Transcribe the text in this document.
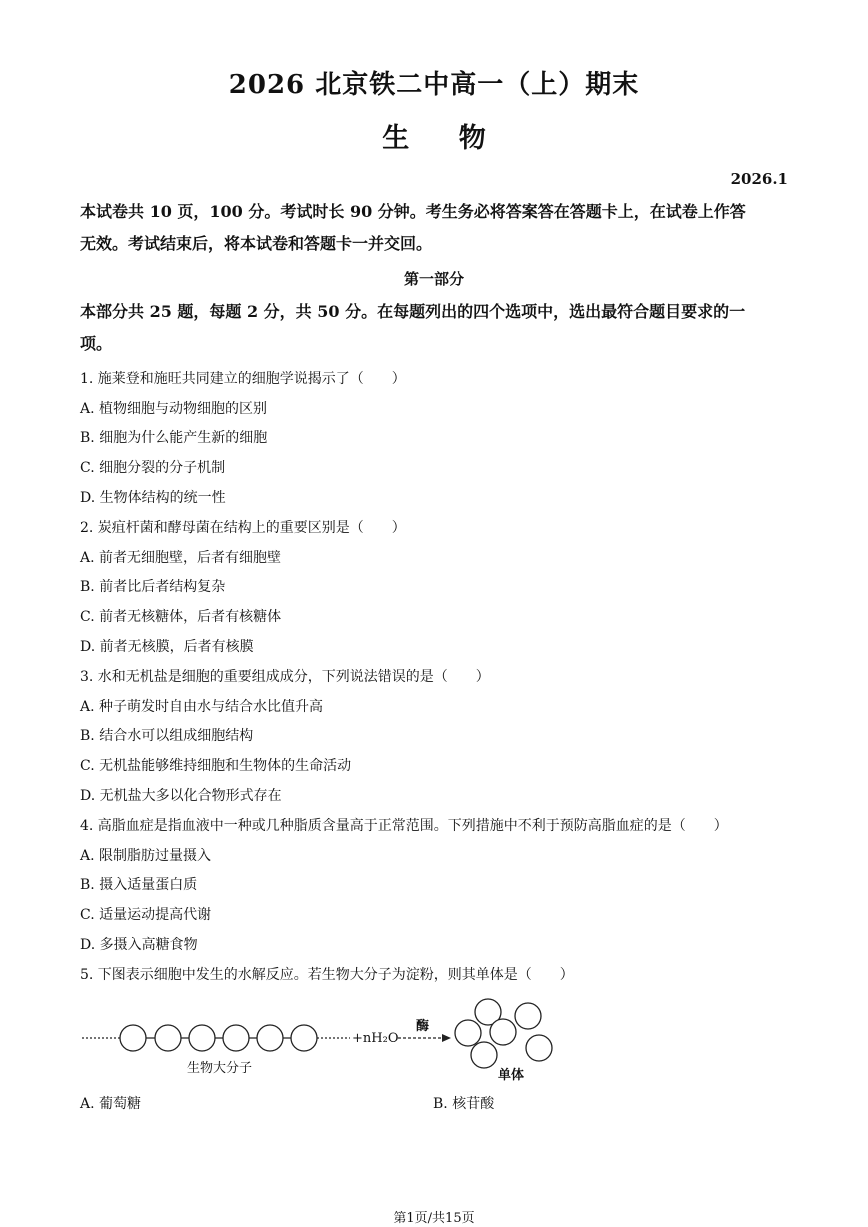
2026 北京铁二中高一（上）期末
生 物
2026.1
本试卷共 10 页，100 分。考试时长 90 分钟。考生务必将答案答在答题卡上，在试卷上作答
无效。考试结束后，将本试卷和答题卡一并交回。
第一部分
本部分共 25 题，每题 2 分，共 50 分。在每题列出的四个选项中，选出最符合题目要求的一
项。
1. 施莱登和施旺共同建立的细胞学说揭示了（　　）
A. 植物细胞与动物细胞的区别
B. 细胞为什么能产生新的细胞
C. 细胞分裂的分子机制
D. 生物体结构的统一性
2. 炭疽杆菌和酵母菌在结构上的重要区别是（　　）
A. 前者无细胞壁，后者有细胞壁
B. 前者比后者结构复杂
C. 前者无核糖体，后者有核糖体
D. 前者无核膜，后者有核膜
3. 水和无机盐是细胞的重要组成成分，下列说法错误的是（　　）
A. 种子萌发时自由水与结合水比值升高
B. 结合水可以组成细胞结构
C. 无机盐能够维持细胞和生物体的生命活动
D. 无机盐大多以化合物形式存在
4. 高脂血症是指血液中一种或几种脂质含量高于正常范围。下列措施中不利于预防高脂血症的是（　　）
A. 限制脂肪过量摄入
B. 摄入适量蛋白质
C. 适量运动提高代谢
D. 多摄入高糖食物
5. 下图表示细胞中发生的水解反应。若生物大分子为淀粉，则其单体是（　　）
生物大分子
+nH₂O
酶
单体
A. 葡萄糖	B. 核苷酸
第1页/共15页
